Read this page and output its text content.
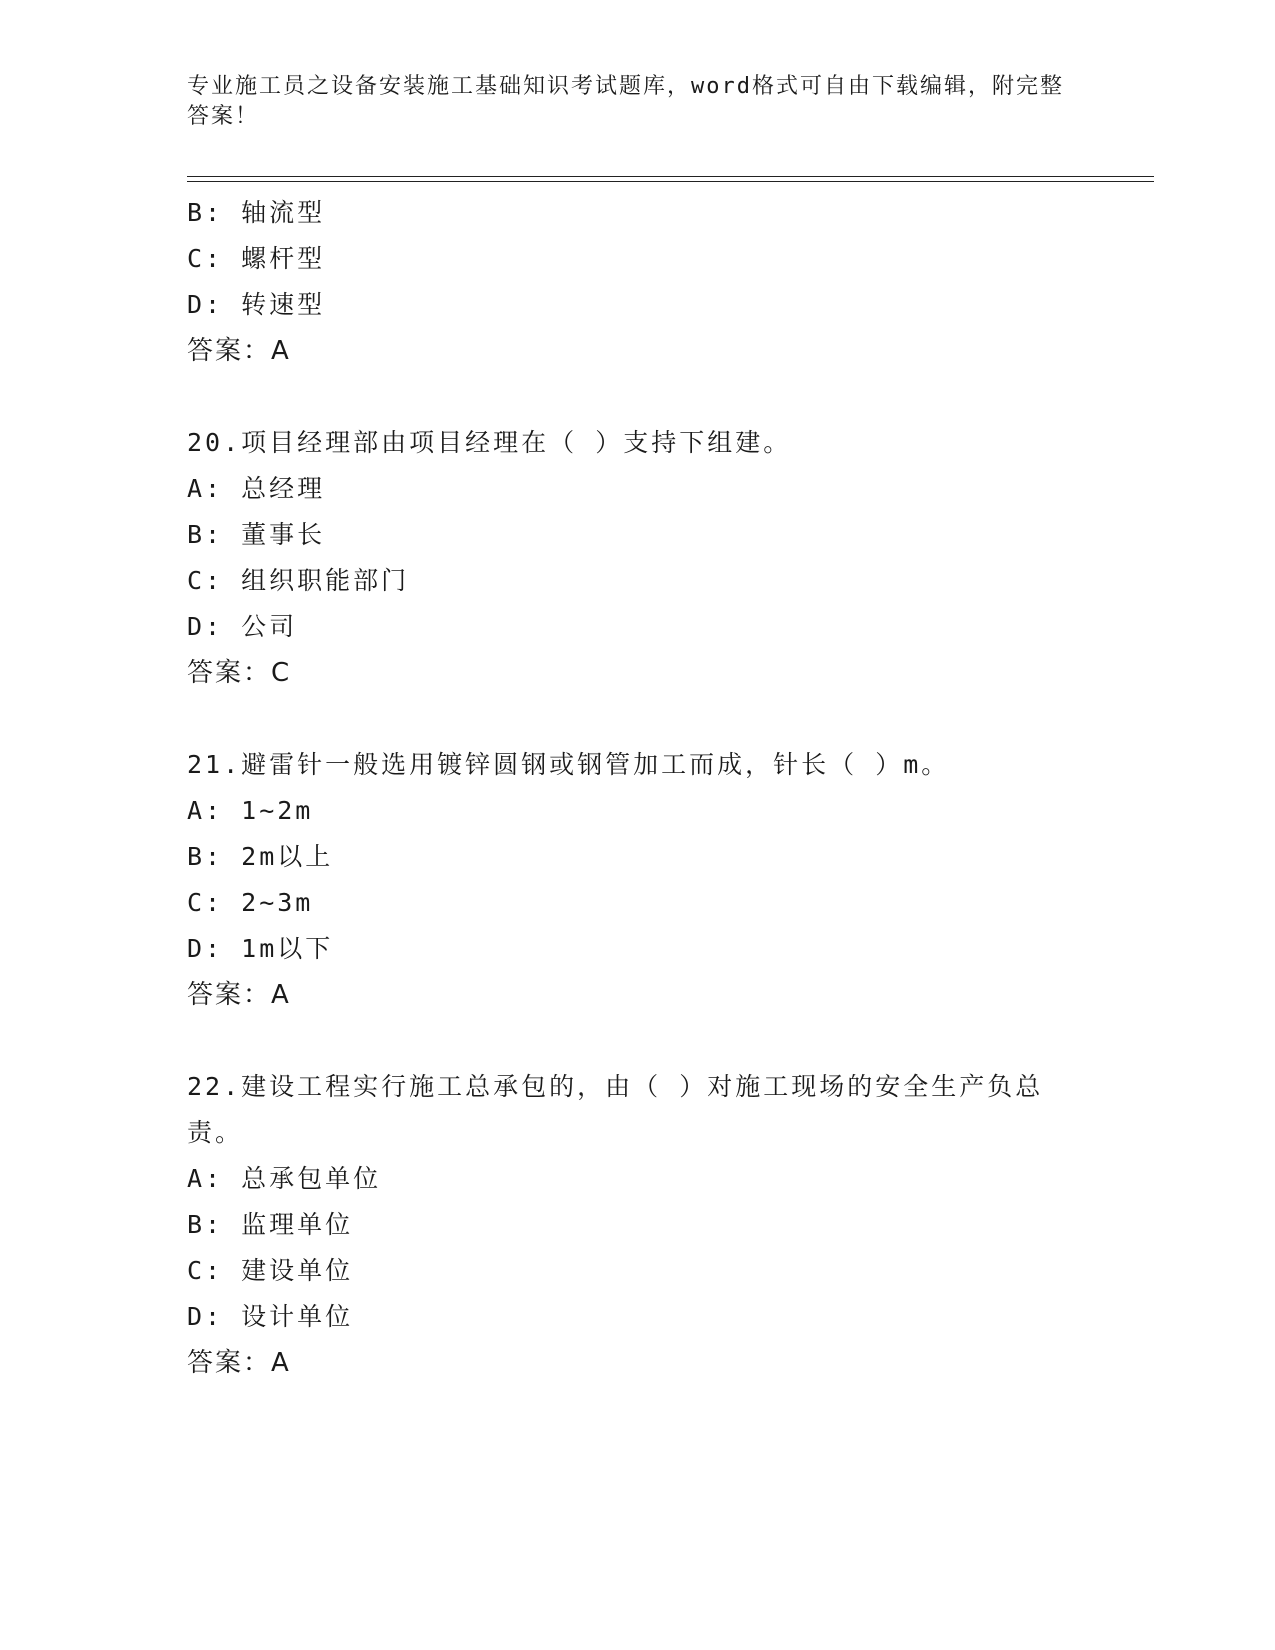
专业施工员之设备安装施工基础知识考试题库，word格式可自由下载编辑，附完整答案！
B: 轴流型
C: 螺杆型
D: 转速型
答案：A
20.项目经理部由项目经理在（ ）支持下组建。
A: 总经理
B: 董事长
C: 组织职能部门
D: 公司
答案：C
21.避雷针一般选用镀锌圆钢或钢管加工而成，针长（ ）m。
A: 1~2m
B: 2m以上
C: 2~3m
D: 1m以下
答案：A
22.建设工程实行施工总承包的，由（ ）对施工现场的安全生产负总责。
A: 总承包单位
B: 监理单位
C: 建设单位
D: 设计单位
答案：A
